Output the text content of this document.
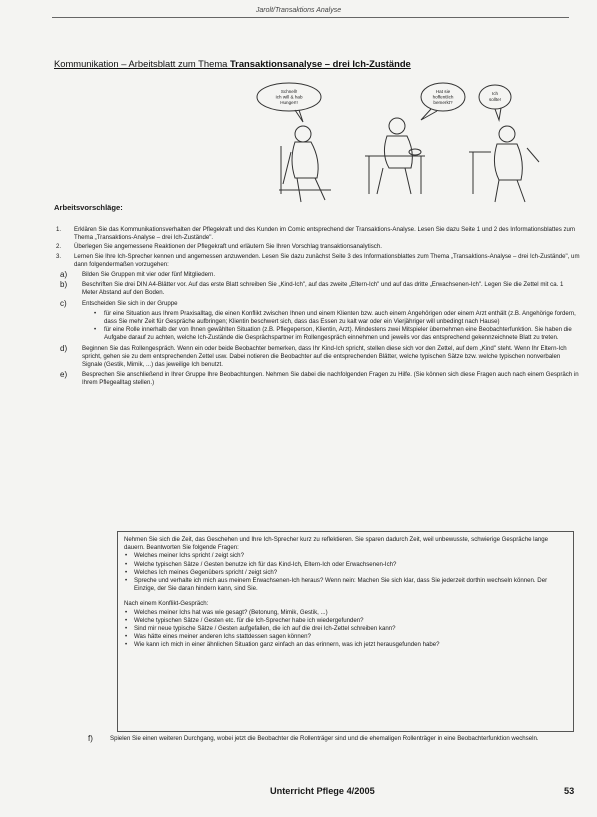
Jarolt/Transaktions Analyse
Kommunikation – Arbeitsblatt zum Thema Transaktionsanalyse – drei Ich-Zustände
Schnell!
Ich will & hab
Hunger!!
Hat sie
hoffentlich
bemerkt?
Ich
sollte!
Arbeitsvorschläge:
1. Erklären Sie das Kommunikationsverhalten der Pflegekraft und des Kunden im Comic entsprechend der Transaktions-Analyse. Lesen Sie dazu Seite 1 und 2 des Informationsblattes zum Thema „Transaktions-Analyse – drei Ich-Zustände".
2. Überlegen Sie angemessene Reaktionen der Pflegekraft und erläutern Sie Ihren Vorschlag transaktionsanalytisch.
3. Lernen Sie Ihre Ich-Sprecher kennen und angemessen anzuwenden. Lesen Sie dazu zunächst Seite 3 des Informationsblattes zum Thema „Transaktions-Analyse – drei Ich-Zustände", um dann folgendermaßen vorzugehen:
a) Bilden Sie Gruppen mit vier oder fünf Mitgliedern.
b) Beschriften Sie drei DIN A4-Blätter vor. Auf das erste Blatt schreiben Sie „Kind-Ich", auf das zweite „Eltern-Ich" und auf das dritte „Erwachsenen-Ich". Legen Sie die Zettel mit ca. 1 Meter Abstand auf den Boden.
c)	Entscheiden Sie sich in der Gruppe
• für eine Situation aus Ihrem Praxisalltag, die einen Konflikt zwischen Ihnen und einem Klienten bzw. auch einem Angehörigen oder einem Arzt enthält (z.B. Angehörige fordern, dass Sie mehr Zeit für Gespräche aufbringen; Klientin beschwert sich, dass das Essen zu kalt war oder ein Vierjähriger will unbedingt nach Hause)
• für eine Rolle innerhalb der von Ihnen gewählten Situation (z.B. Pflegeperson, Klientin, Arzt). Mindestens zwei Mitspieler übernehmen eine Beobachterfunktion. Sie haben die Aufgabe darauf zu achten, welche Ich-Zustände die Gesprächspartner im Rollengespräch einnehmen und jeweils vor das entsprechend gekennzeichnete Blatt zu treten.
d) Beginnen Sie das Rollengespräch. Wenn ein oder beide Beobachter bemerken, dass Ihr Kind-Ich spricht, stellen diese sich vor den Zettel, auf dem „Kind" steht. Wenn Ihr Eltern-Ich spricht, gehen sie zu dem entsprechenden Zettel usw. Dabei notieren die Beobachter auf die entsprechenden Blätter, welche typischen Sätze bzw. welche typischen nonverbalen Signale (Gestik, Mimik, ...) das jeweilige Ich benutzt.
e) Besprechen Sie anschließend in Ihrer Gruppe Ihre Beobachtungen. Nehmen Sie dabei die nachfolgenden Fragen zu Hilfe. (Sie können sich diese Fragen auch nach einem Gespräch in Ihrem Pflegealltag stellen.)
Nehmen Sie sich die Zeit, das Geschehen und Ihre Ich-Sprecher kurz zu reflektieren. Sie sparen dadurch Zeit, weil unbewusste, schwierige Gespräche lange dauern. Beantworten Sie folgende Fragen:
• Welches meiner Ichs spricht / zeigt sich?
• Welche typischen Sätze / Gesten benutze ich für das Kind-Ich, Eltern-Ich oder Erwachsenen-Ich?
• Welches Ich meines Gegenübers spricht / zeigt sich?
• Spreche und verhalte ich mich aus meinem Erwachsenen-Ich heraus? Wenn nein: Machen Sie sich klar, dass Sie jederzeit dorthin wechseln können. Der Einzige, der Sie daran hindern kann, sind Sie.
Nach einem Konflikt-Gespräch:
• Welches meiner Ichs hat was wie gesagt? (Betonung, Mimik, Gestik, ...)
• Welche typischen Sätze / Gesten etc. für die Ich-Sprecher habe ich wiedergefunden?
• Sind mir neue typische Sätze / Gesten aufgefallen, die ich auf die drei Ich-Zettel schreiben kann?
• Was hätte eines meiner anderen Ichs stattdessen sagen können?
• Wie kann ich mich in einer ähnlichen Situation ganz einfach an das erinnern, was ich jetzt herausgefunden habe?
f)	Spielen Sie einen weiteren Durchgang, wobei jetzt die Beobachter die Rollenträger sind und die ehemaligen Rollenträger in eine Beobachterfunktion wechseln.
Unterricht Pflege 4/2005	53
